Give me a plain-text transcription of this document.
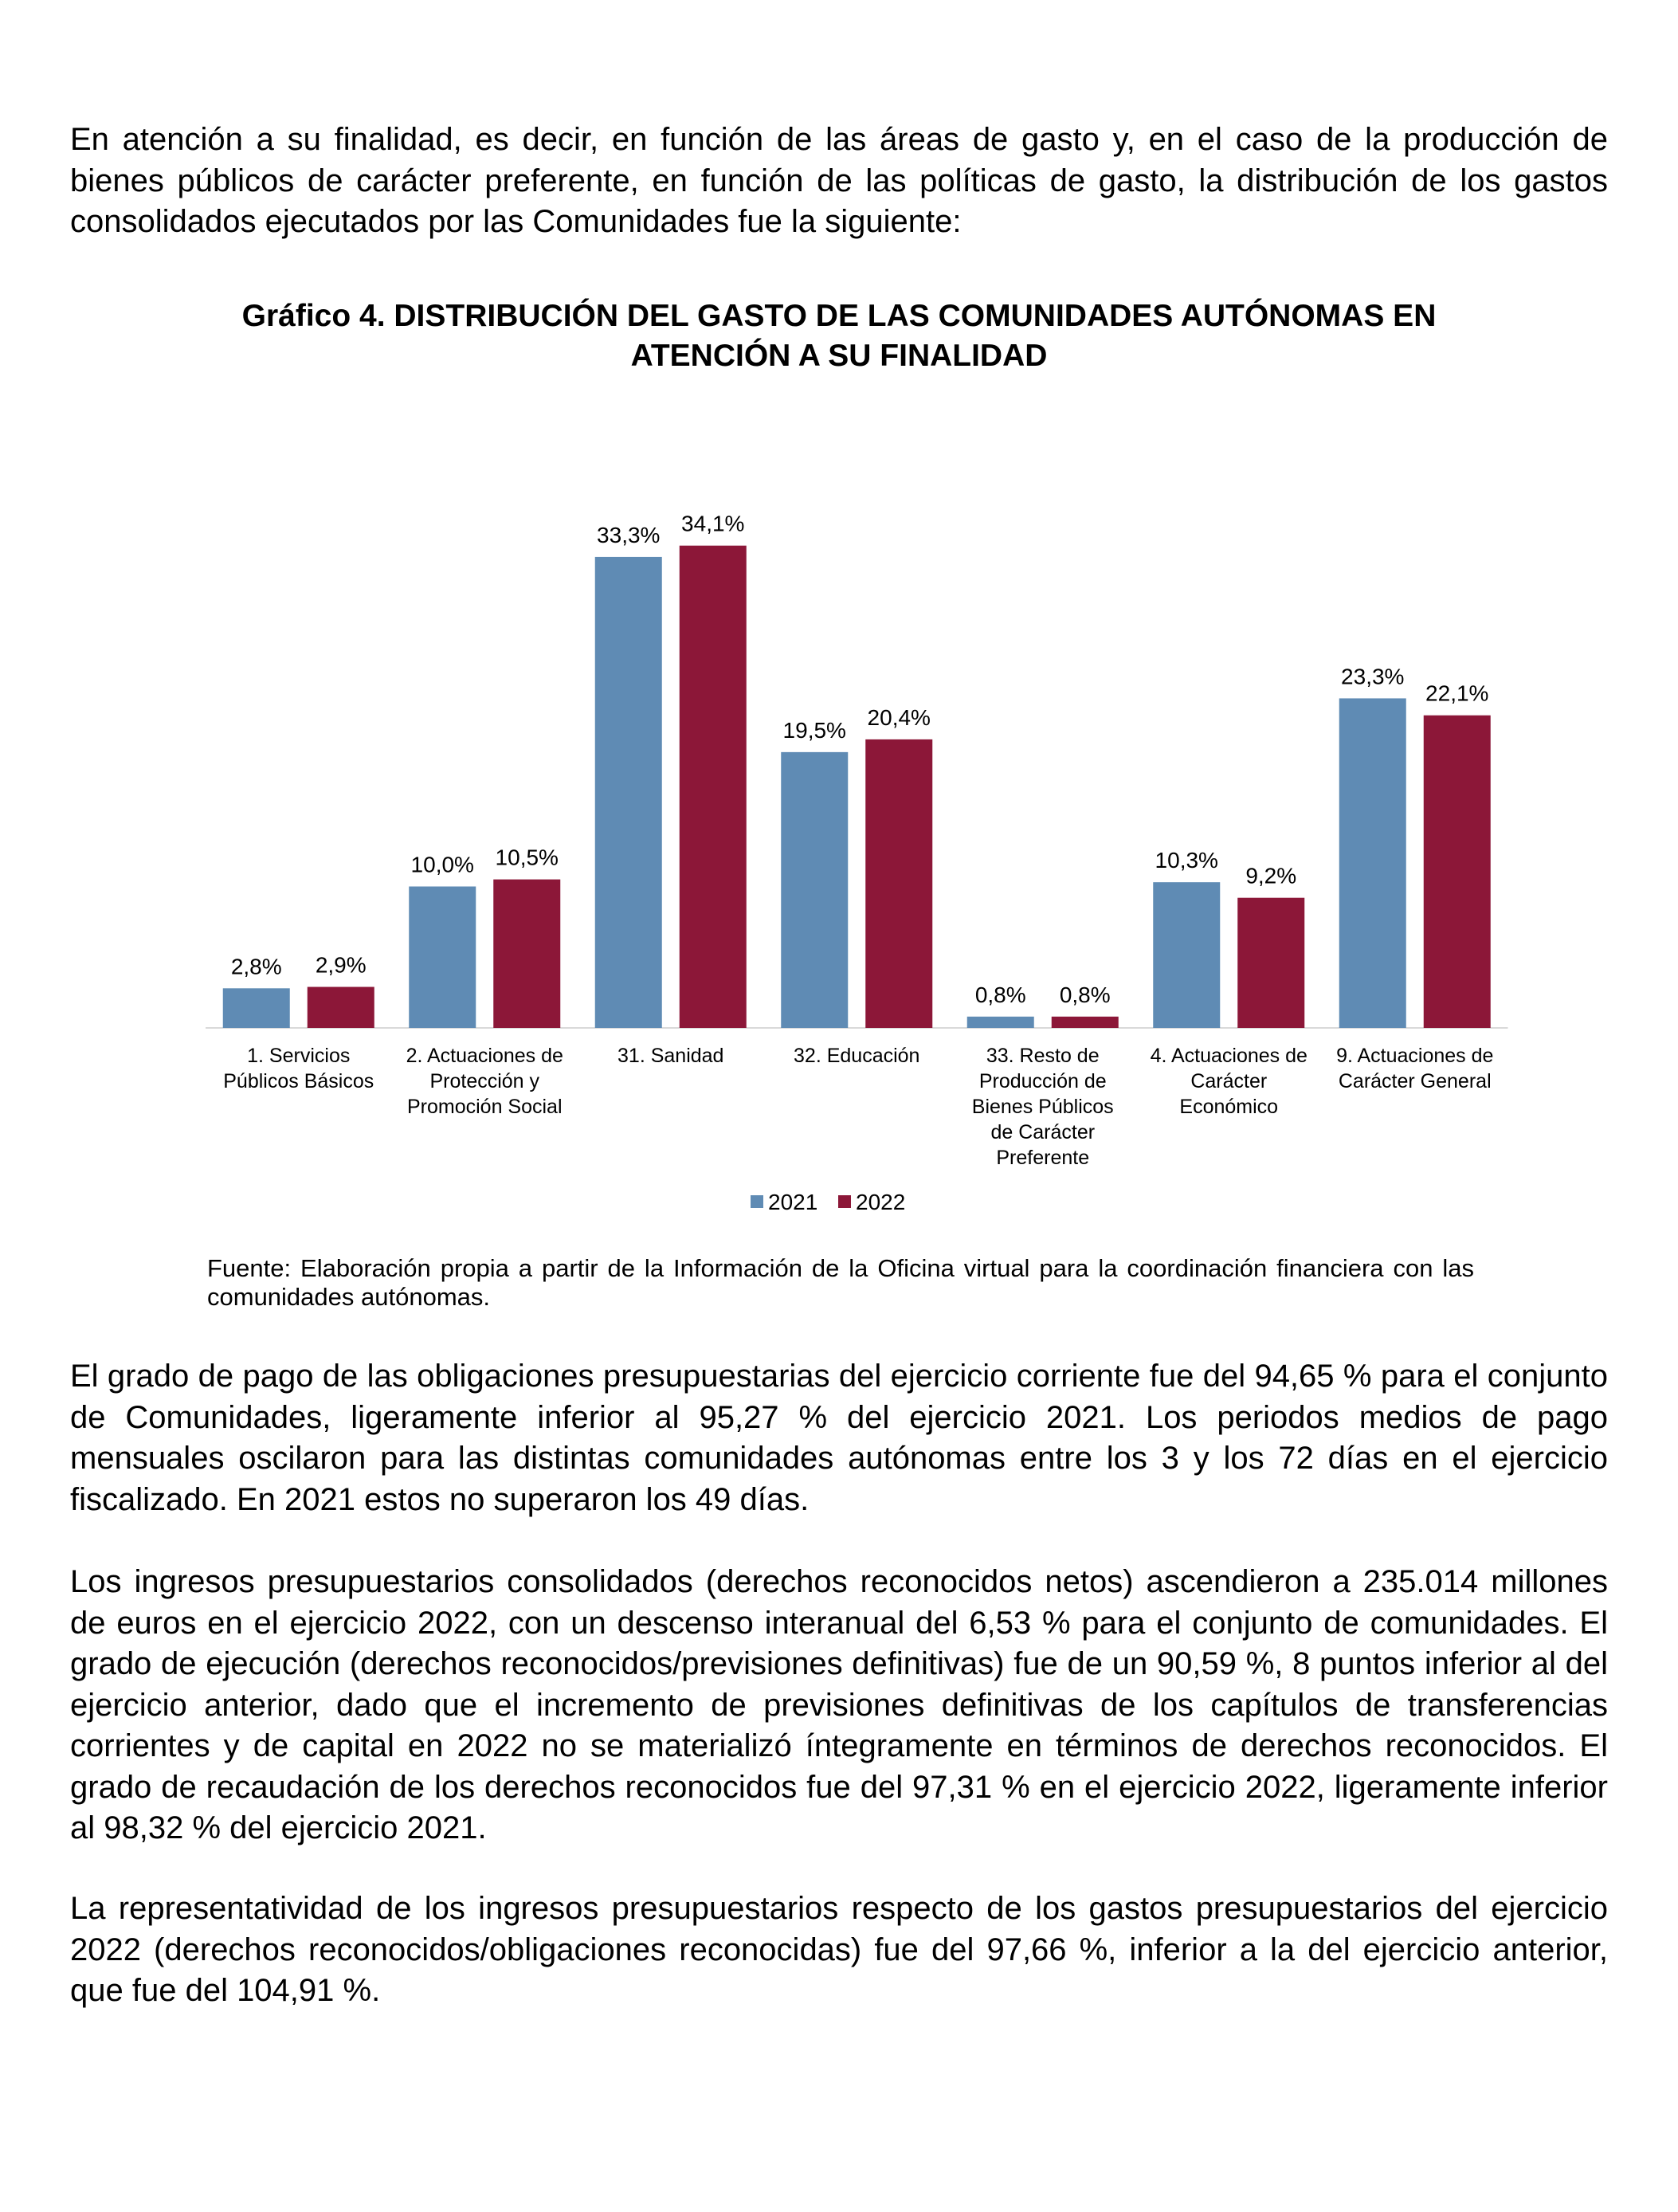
En atención a su finalidad, es decir, en función de las áreas de gasto y, en el caso de la producción de bienes públicos de carácter preferente, en función de las políticas de gasto, la distribución de los gastos consolidados ejecutados por las Comunidades fue la siguiente:

Gráfico 4. DISTRIBUCIÓN DEL GASTO DE LAS COMUNIDADES AUTÓNOMAS EN
ATENCIÓN A SU FINALIDAD
2,8% 2,9%
1. Servicios
Públicos Básicos
10,0% 10,5%
2. Actuaciones de
Protección y
Promoción Social
33,3% 34,1%
31. Sanidad
19,5%
20,4%
32. Educación
0,8% 0,8%
33. Resto de
Producción de
Bienes Públicos
de Carácter
Preferente
10,3%
9,2%
4. Actuaciones de
Carácter
Económico
23,3%
22,1%
9. Actuaciones de
Carácter General
2021 2022

Fuente: Elaboración propia a partir de la Información de la Oficina virtual para la coordinación financiera con las comunidades autónomas.

El grado de pago de las obligaciones presupuestarias del ejercicio corriente fue del 94,65 % para el conjunto de Comunidades, ligeramente inferior al 95,27 % del ejercicio 2021. Los periodos medios de pago mensuales oscilaron para las distintas comunidades autónomas entre los 3 y los 72 días en el ejercicio fiscalizado. En 2021 estos no superaron los 49 días.

Los ingresos presupuestarios consolidados (derechos reconocidos netos) ascendieron a 235.014 millones de euros en el ejercicio 2022, con un descenso interanual del 6,53 % para el conjunto de comunidades. El grado de ejecución (derechos reconocidos/previsiones definitivas) fue de un 90,59 %, 8 puntos inferior al del ejercicio anterior, dado que el incremento de previsiones definitivas de los capítulos de transferencias corrientes y de capital en 2022 no se materializó íntegramente en términos de derechos reconocidos. El grado de recaudación de los derechos reconocidos fue del 97,31 % en el ejercicio 2022, ligeramente inferior al 98,32 % del ejercicio 2021.

La representatividad de los ingresos presupuestarios respecto de los gastos presupuestarios del ejercicio 2022 (derechos reconocidos/obligaciones reconocidas) fue del 97,66 %, inferior a la del ejercicio anterior, que fue del 104,91 %.
